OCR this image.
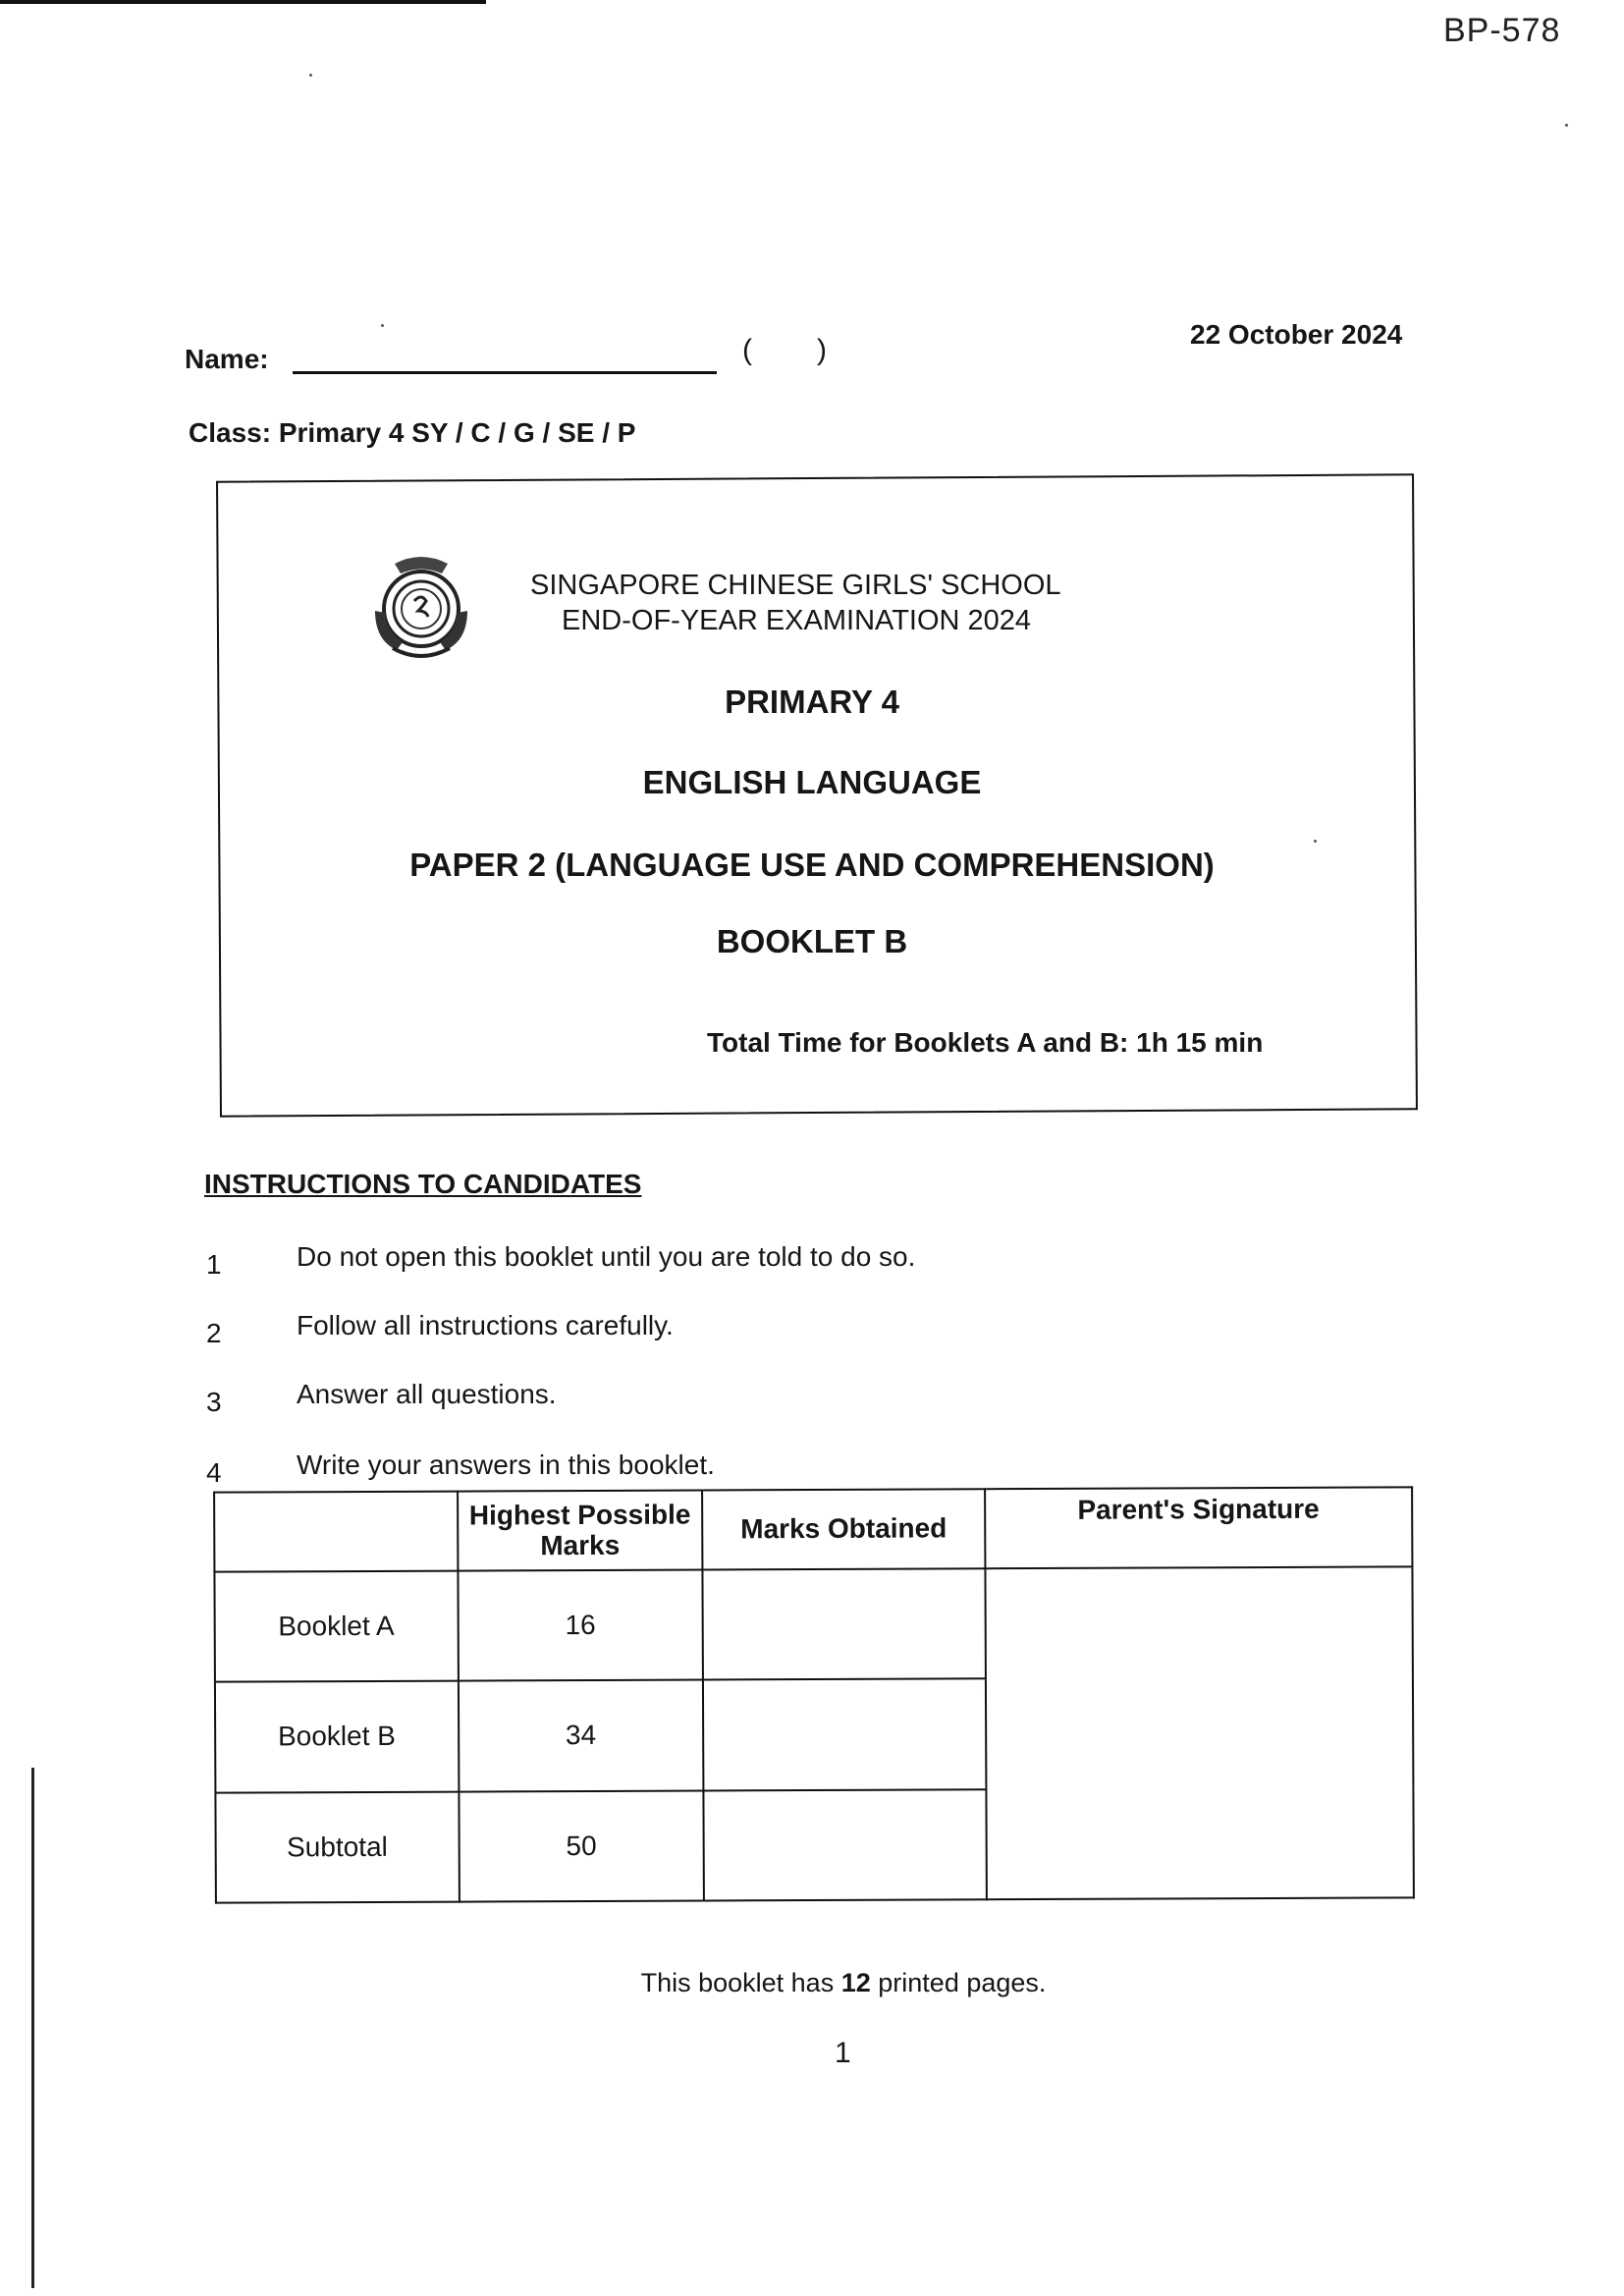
BP-578
Name:	( )	22 October 2024
Class: Primary 4 SY / C / G / SE / P
SINGAPORE CHINESE GIRLS' SCHOOL
END-OF-YEAR EXAMINATION 2024
PRIMARY 4
ENGLISH LANGUAGE
PAPER 2 (LANGUAGE USE AND COMPREHENSION)
BOOKLET B
Total Time for Booklets A and B: 1h 15 min
INSTRUCTIONS TO CANDIDATES
1	Do not open this booklet until you are told to do so.
2	Follow all instructions carefully.
3	Answer all questions.
4	Write your answers in this booklet.
	Highest Possible Marks	Marks Obtained	Parent's Signature
Booklet A	16		
Booklet B	34		
Subtotal	50		
This booklet has 12 printed pages.
1
